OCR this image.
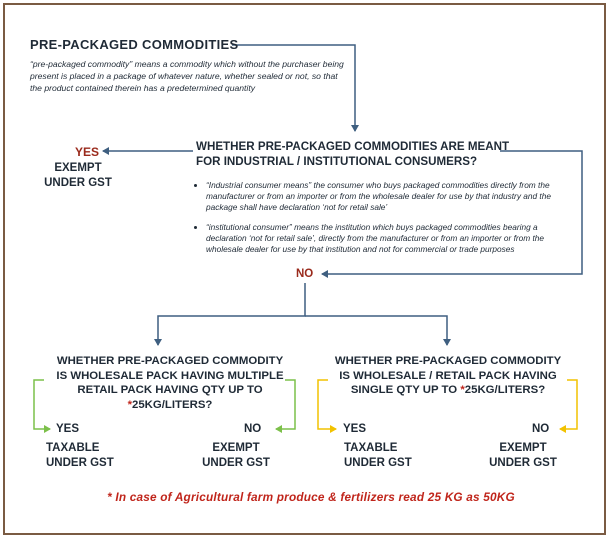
PRE-PACKAGED COMMODITIES
“pre-packaged commodity” means a commodity which without the purchaser being present is placed in a package of whatever nature, whether sealed or not, so that the product contained therein has a predetermined quantity
WHETHER PRE-PACKAGED COMMODITIES ARE MEANT FOR INDUSTRIAL / INSTITUTIONAL CONSUMERS?
YES
EXEMPT UNDER GST
•	“Industrial consumer means” the consumer who buys packaged commodities directly from the manufacturer or from an importer or from the wholesale dealer for use by that industry and the package shall have declaration ‘not for retail sale’
• “institutional consumer” means the institution which buys packaged commodities bearing a declaration ‘not for retail sale’, directly from the manufacturer or from an importer or from the wholesale dealer for use by that institution and not for commercial or trade purposes
NO
WHETHER PRE-PACKAGED COMMODITY IS WHOLESALE PACK HAVING MULTIPLE RETAIL PACK HAVING QTY UP TO *25KG/LITERS?
WHETHER PRE-PACKAGED COMMODITY IS WHOLESALE / RETAIL PACK HAVING SINGLE QTY UP TO *25KG/LITERS?
YES	NO
TAXABLE UNDER GST
EXEMPT UNDER GST
YES	NO
TAXABLE UNDER GST
EXEMPT UNDER GST
* In case of Agricultural farm produce & fertilizers read 25 KG as 50KG
